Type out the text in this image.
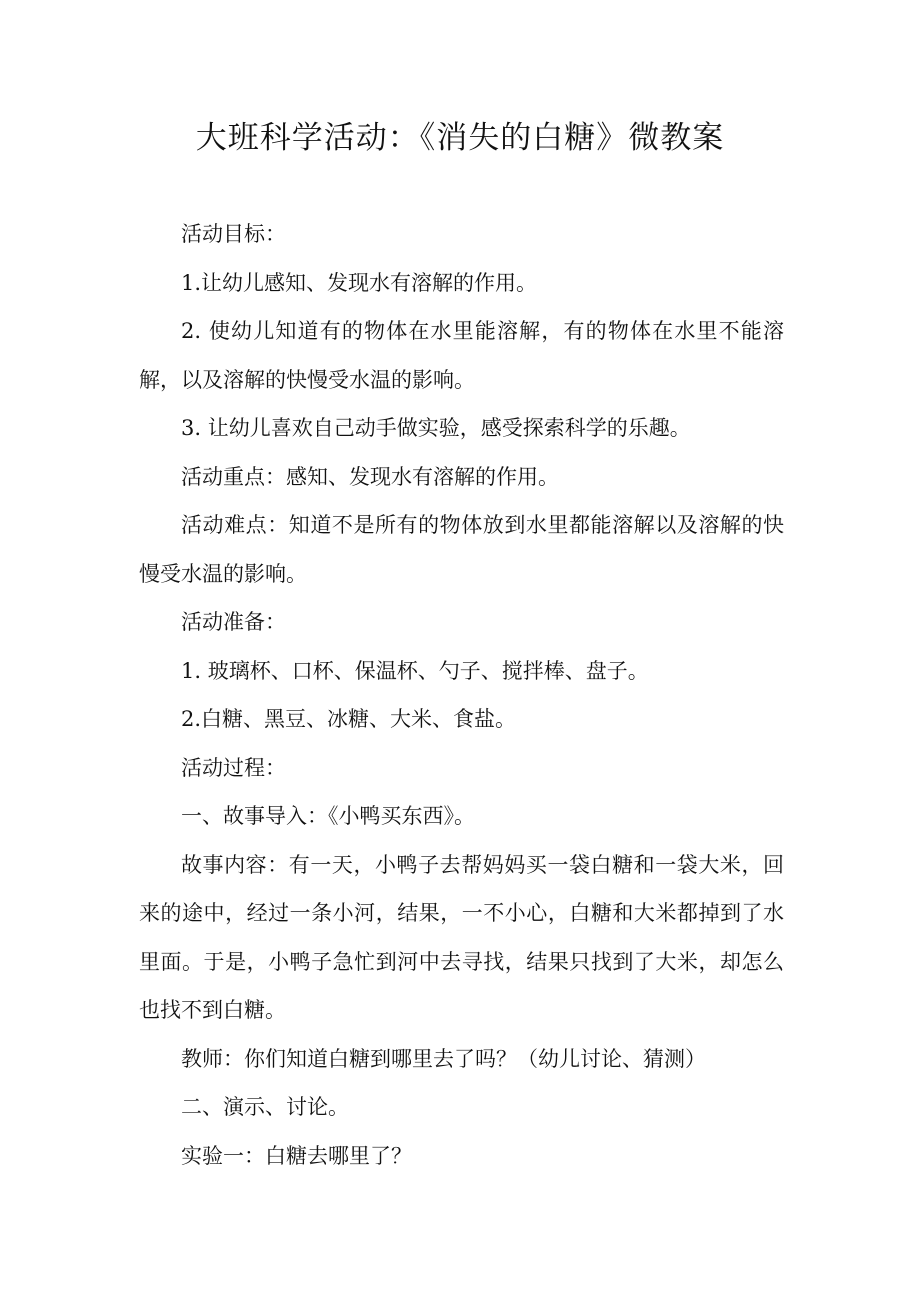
大班科学活动：《消失的白糖》微教案

活动目标：

1.让幼儿感知、发现水有溶解的作用。

2. 使幼儿知道有的物体在水里能溶解，有的物体在水里不能溶解，以及溶解的快慢受水温的影响。

3. 让幼儿喜欢自己动手做实验，感受探索科学的乐趣。

活动重点：感知、发现水有溶解的作用。

活动难点：知道不是所有的物体放到水里都能溶解以及溶解的快慢受水温的影响。

活动准备：

1. 玻璃杯、口杯、保温杯、勺子、搅拌棒、盘子。

2.白糖、黑豆、冰糖、大米、食盐。

活动过程：

一、故事导入：《小鸭买东西》。

故事内容：有一天，小鸭子去帮妈妈买一袋白糖和一袋大米，回来的途中，经过一条小河，结果，一不小心，白糖和大米都掉到了水里面。于是，小鸭子急忙到河中去寻找，结果只找到了大米，却怎么也找不到白糖。

教师：你们知道白糖到哪里去了吗？（幼儿讨论、猜测）

二、演示、讨论。

实验一：白糖去哪里了？
